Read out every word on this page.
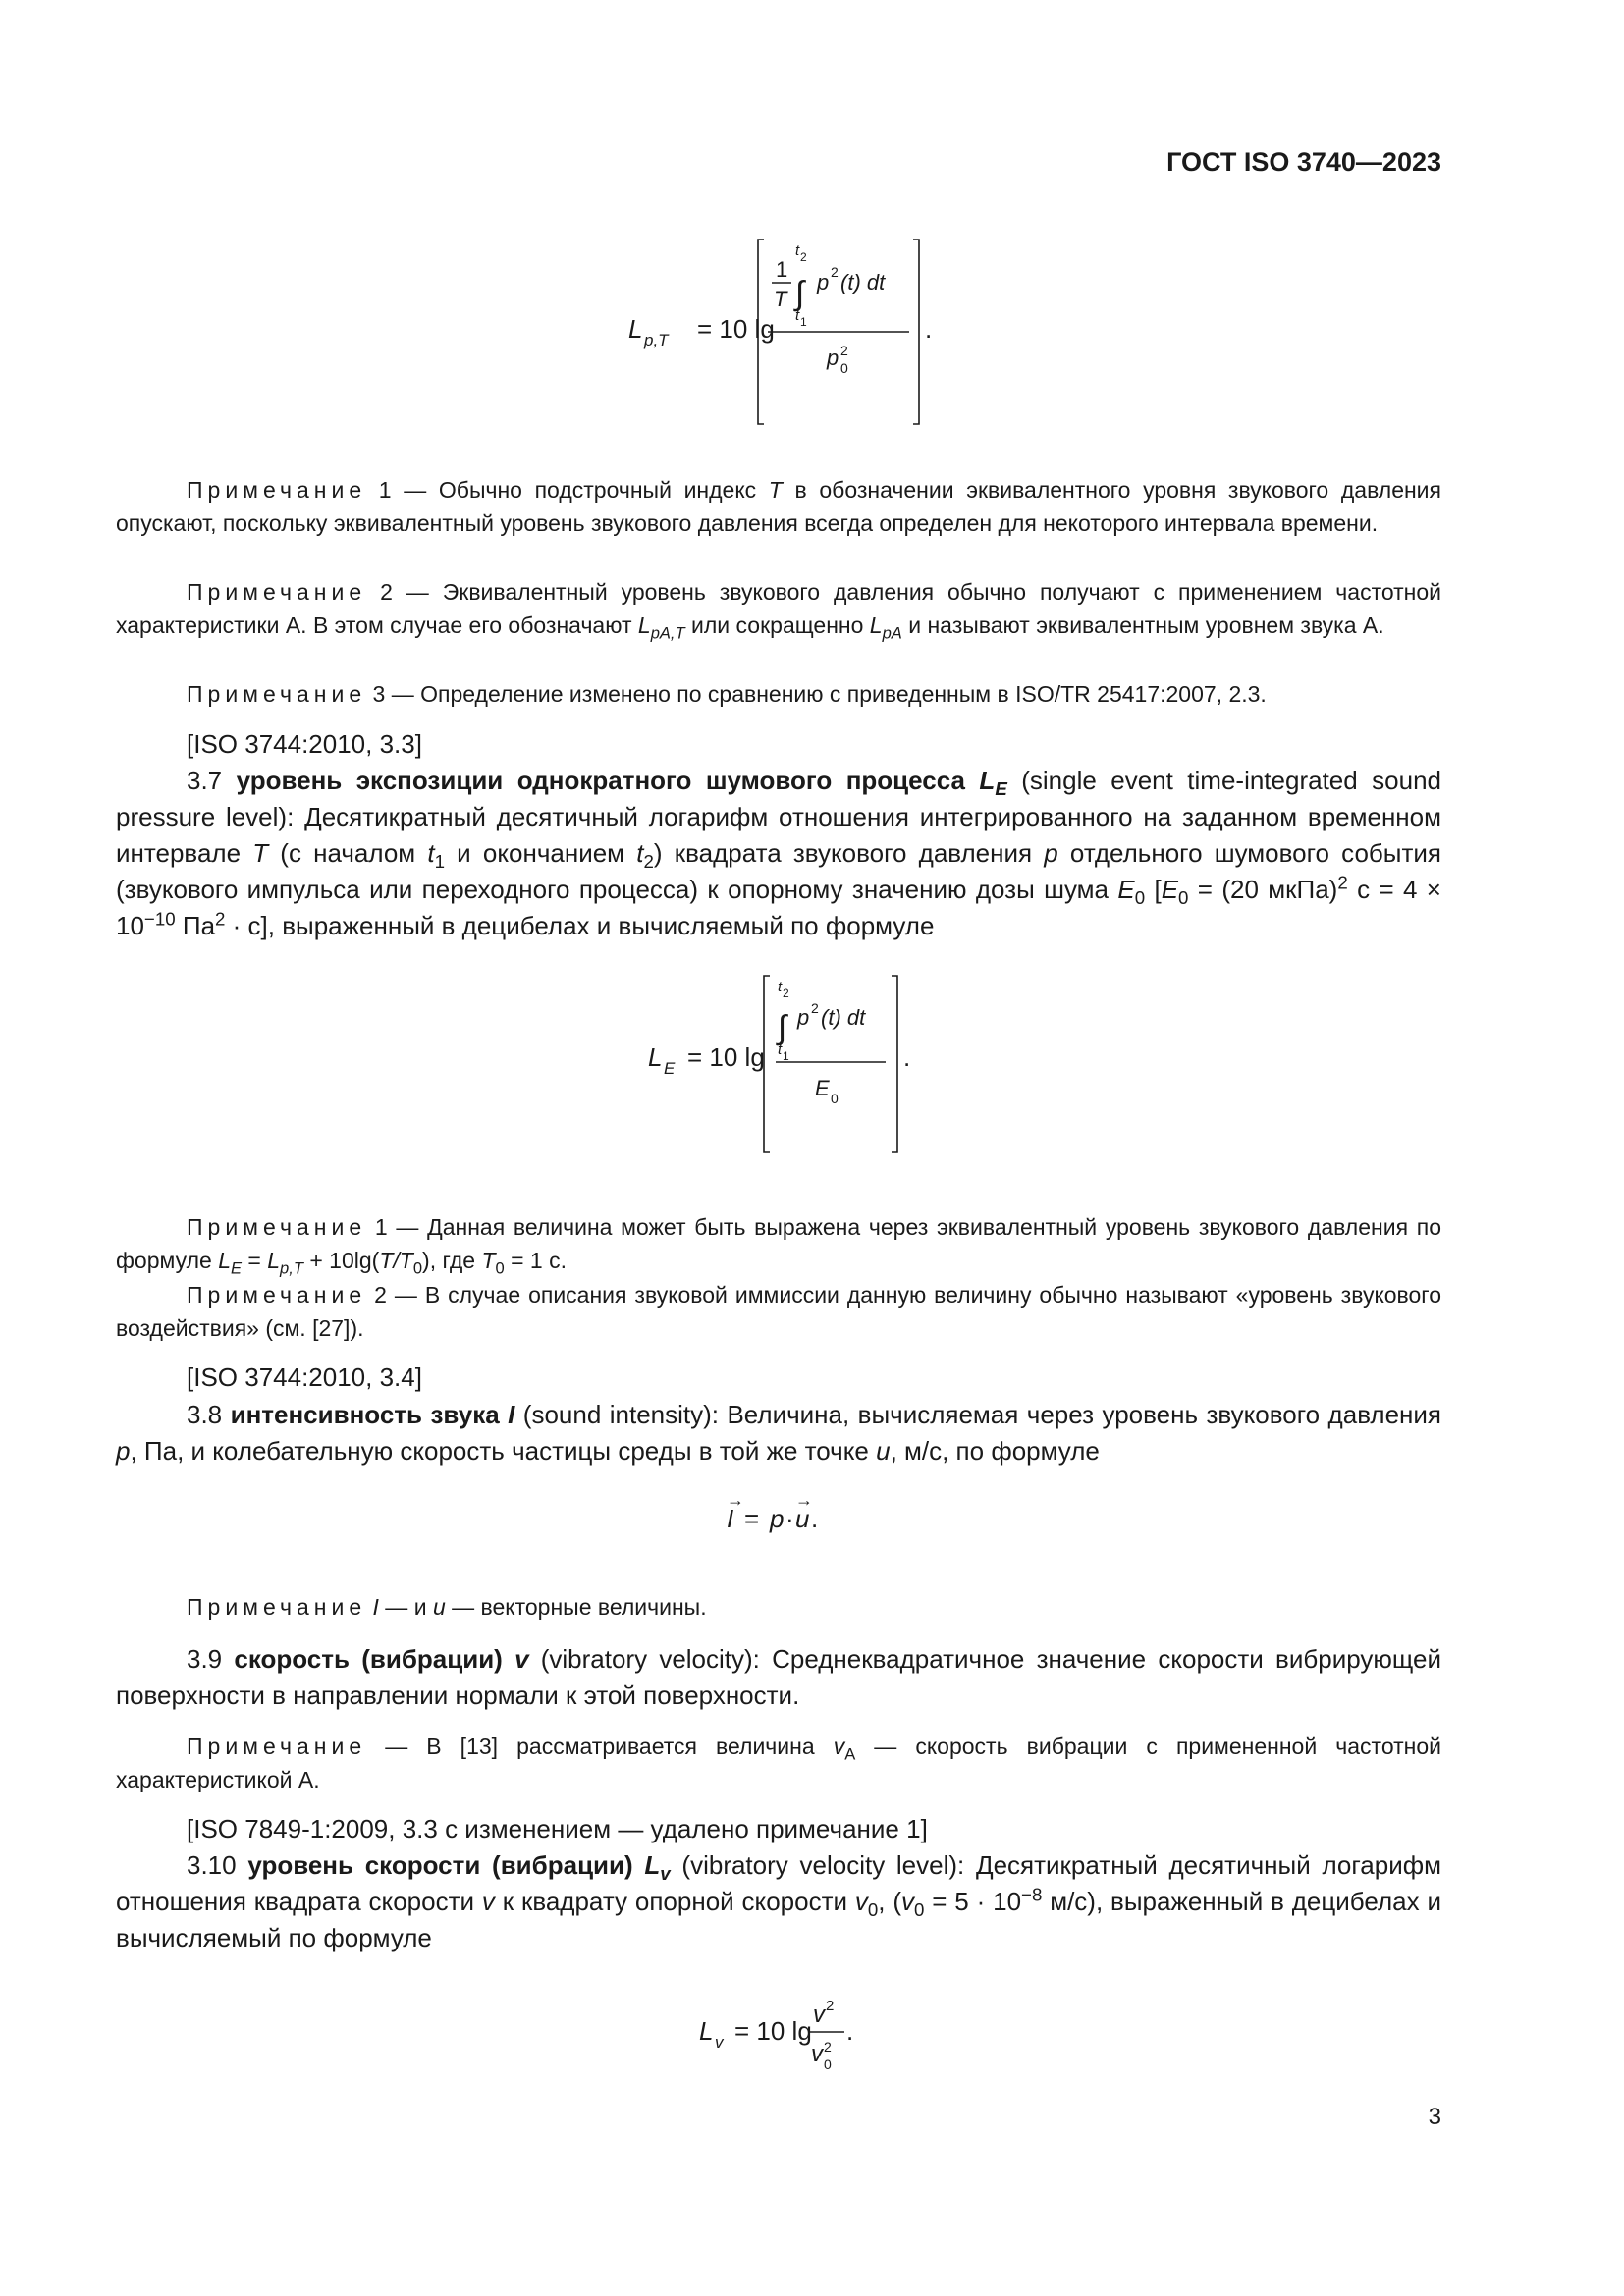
ГОСТ ISO 3740—2023
L p,T = 10 lg
1
T
t 2
∫
t 1
p 2 (t) dt
p 0
2
.
Примечание 1 — Обычно подстрочный индекс T в обозначении эквивалентного уровня звукового давления опускают, поскольку эквивалентный уровень звукового давления всегда определен для некоторого интервала времени.
Примечание 2 — Эквивалентный уровень звукового давления обычно получают с применением частотной характеристики А. В этом случае его обозначают $L_{pA,T}$ или сокращенно $L_{pA}$ и называют эквивалентным уровнем звука А.
Примечание 3 — Определение изменено по сравнению с приведенным в ISO/TR 25417:2007, 2.3.
[ISO 3744:2010, 3.3]
3.7 уровень экспозиции однократного шумового процесса $L_E$ (single event time-integrated sound pressure level): Десятикратный десятичный логарифм отношения интегрированного на заданном временном интервале T (с началом $t_1$ и окончанием $t_2$) квадрата звукового давления p отдельного шумового события (звукового импульса или переходного процесса) к опорному значению дозы шума $E_0$ [$E_0 = (20$ мкПа)$^2$ $с = 4 \times 10^{-10}$ $Па^2 \cdot с$], выраженный в децибелах и вычисляемый по формуле
L E = 10 lg
t 2
∫
t 1
p 2 (t) dt
E 0
.
Примечание 1 — Данная величина может быть выражена через эквивалентный уровень звукового давления по формуле $L_E = L_{p,T} + 10\lg(T/T_0)$, где $T_0 = 1$ с.
Примечание 2 — В случае описания звуковой иммиссии данную величину обычно называют «уровень звукового воздействия» (см. [27]).
[ISO 3744:2010, 3.4]
3.8 интенсивность звука I (sound intensity): Величина, вычисляемая через уровень звукового давления p, Па, и колебательную скорость частицы среды в той же точке u, м/с, по формуле
I
→
= p · u
→
.
Примечание I — и u — векторные величины.
3.9 скорость (вибрации) v (vibratory velocity): Среднеквадратичное значение скорости вибрирующей поверхности в направлении нормали к этой поверхности.
Примечание — В [13] рассматривается величина $v_А$ — скорость вибрации с примененной частотной характеристикой А.
[ISO 7849-1:2009, 3.3 с изменением — удалено примечание 1]
3.10 уровень скорости (вибрации) $L_v$ (vibratory velocity level): Десятикратный десятичный логарифм отношения квадрата скорости v к квадрату опорной скорости $v_0$, ($v_0 = 5 \cdot 10^{-8}$ м/с), выраженный в децибелах и вычисляемый по формуле
L v = 10 lg
v 2
v 0
2
.
3
